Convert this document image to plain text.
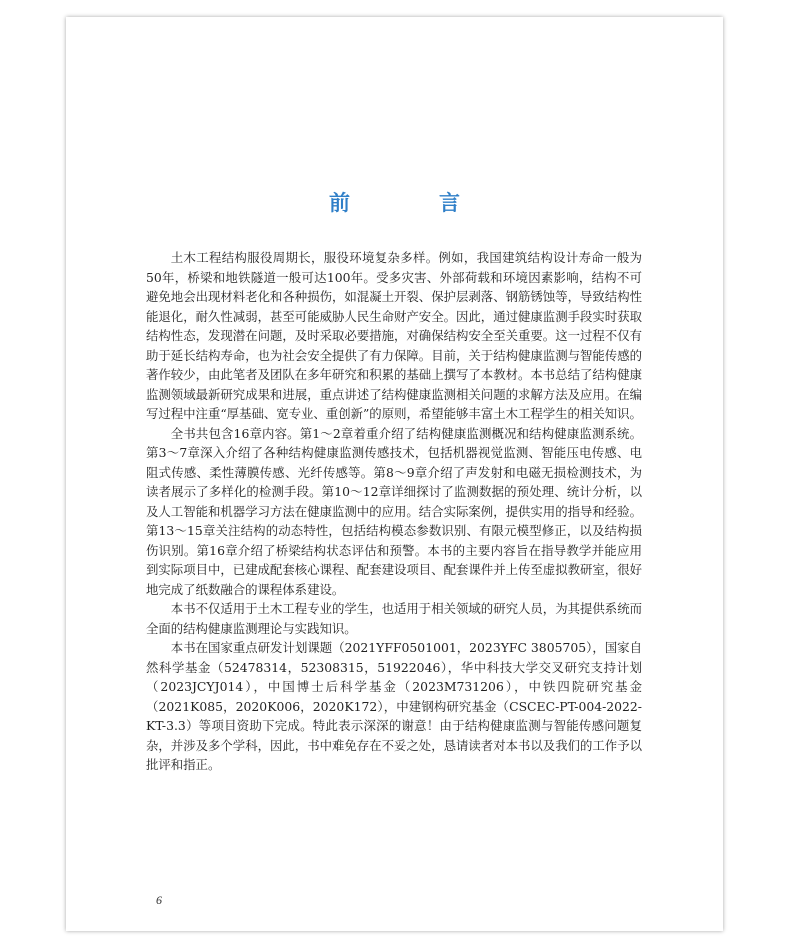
前　言

土木工程结构服役周期长，服役环境复杂多样。例如，我国建筑结构设计寿命一般为50年，桥梁和地铁隧道一般可达100年。受多灾害、外部荷载和环境因素影响，结构不可避免地会出现材料老化和各种损伤，如混凝土开裂、保护层剥落、钢筋锈蚀等，导致结构性能退化，耐久性减弱，甚至可能威胁人民生命财产安全。因此，通过健康监测手段实时获取结构性态，发现潜在问题，及时采取必要措施，对确保结构安全至关重要。这一过程不仅有助于延长结构寿命，也为社会安全提供了有力保障。目前，关于结构健康监测与智能传感的著作较少，由此笔者及团队在多年研究和积累的基础上撰写了本教材。本书总结了结构健康监测领域最新研究成果和进展，重点讲述了结构健康监测相关问题的求解方法及应用。在编写过程中注重“厚基础、宽专业、重创新”的原则，希望能够丰富土木工程学生的相关知识。

全书共包含16章内容。第1～2章着重介绍了结构健康监测概况和结构健康监测系统。第3～7章深入介绍了各种结构健康监测传感技术，包括机器视觉监测、智能压电传感、电阻式传感、柔性薄膜传感、光纤传感等。第8～9章介绍了声发射和电磁无损检测技术，为读者展示了多样化的检测手段。第10～12章详细探讨了监测数据的预处理、统计分析，以及人工智能和机器学习方法在健康监测中的应用。结合实际案例，提供实用的指导和经验。第13～15章关注结构的动态特性，包括结构模态参数识别、有限元模型修正，以及结构损伤识别。第16章介绍了桥梁结构状态评估和预警。本书的主要内容旨在指导教学并能应用到实际项目中，已建成配套核心课程、配套建设项目、配套课件并上传至虚拟教研室，很好地完成了纸数融合的课程体系建设。

本书不仅适用于土木工程专业的学生，也适用于相关领域的研究人员，为其提供系统而全面的结构健康监测理论与实践知识。

本书在国家重点研发计划课题（2021YFF0501001，2023YFC 3805705），国家自然科学基金（52478314，52308315，51922046），华中科技大学交叉研究支持计划（2023JCYJ014），中国博士后科学基金（2023M731206），中铁四院研究基金（2021K085，2020K006，2020K172），中建钢构研究基金（CSCEC-PT-004-2022-KT-3.3）等项目资助下完成。特此表示深深的谢意！由于结构健康监测与智能传感问题复杂，并涉及多个学科，因此，书中难免存在不妥之处，恳请读者对本书以及我们的工作予以批评和指正。

6
